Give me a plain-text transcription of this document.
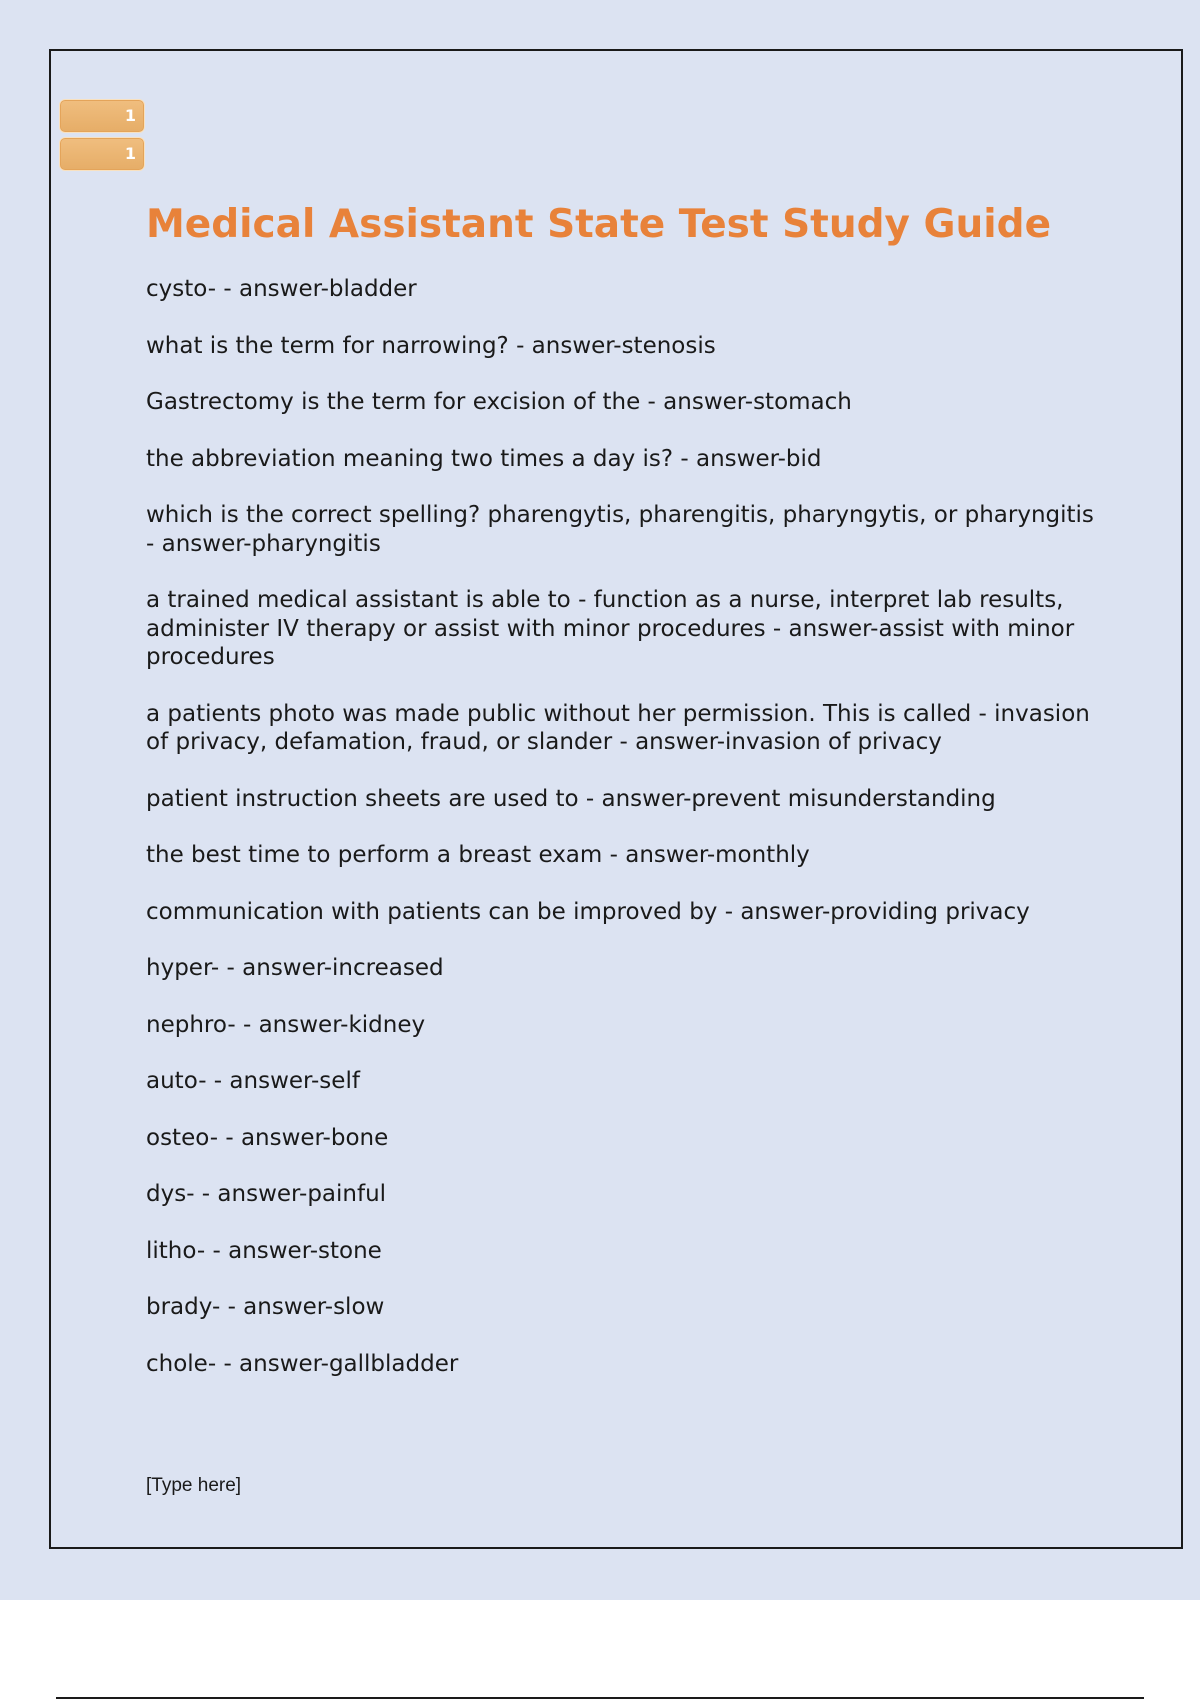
1
1
Medical Assistant State Test Study Guide
cysto- - answer-bladder
what is the term for narrowing? - answer-stenosis
Gastrectomy is the term for excision of the - answer-stomach
the abbreviation meaning two times a day is? - answer-bid
which is the correct spelling? pharengytis, pharengitis, pharyngytis, or pharyngitis - answer-pharyngitis
a trained medical assistant is able to - function as a nurse, interpret lab results, administer IV therapy or assist with minor procedures - answer-assist with minor procedures
a patients photo was made public without her permission. This is called - invasion of privacy, defamation, fraud, or slander - answer-invasion of privacy
patient instruction sheets are used to - answer-prevent misunderstanding
the best time to perform a breast exam - answer-monthly
communication with patients can be improved by - answer-providing privacy
hyper- - answer-increased
nephro- - answer-kidney
auto- - answer-self
osteo- - answer-bone
dys- - answer-painful
litho- - answer-stone
brady- - answer-slow
chole- - answer-gallbladder
[Type here]
